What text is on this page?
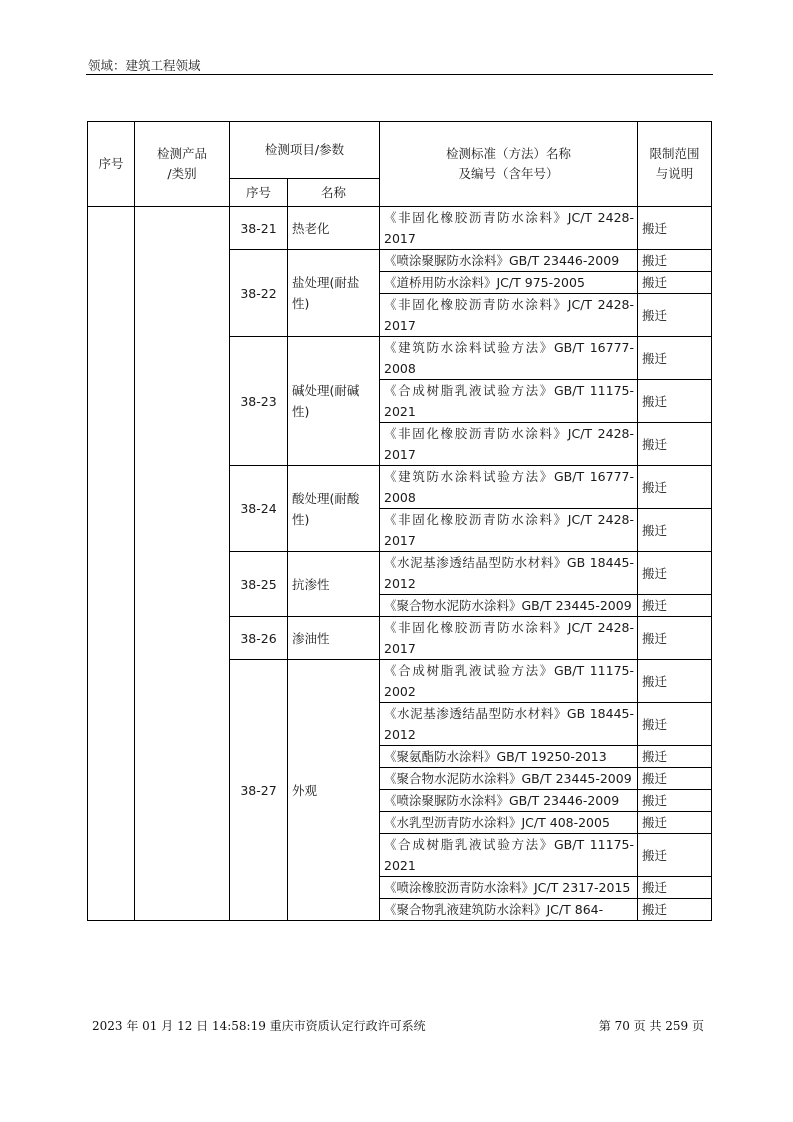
领域：建筑工程领域
序号	检测产品
/类别	检测项目/参数		检测标准（方法）名称
及编号（含年号）	限制范围
与说明
		序号	名称		
		38-21	热老化	《非固化橡胶沥青防水涂料》JC/T 2428-2017	搬迁
		38-22	盐处理(耐盐性)	《喷涂聚脲防水涂料》GB/T 23446-2009	搬迁
				《道桥用防水涂料》JC/T 975-2005	搬迁
				《非固化橡胶沥青防水涂料》JC/T 2428-2017	搬迁
		38-23	碱处理(耐碱性)	《建筑防水涂料试验方法》GB/T 16777-2008	搬迁
				《合成树脂乳液试验方法》GB/T 11175-2021	搬迁
				《非固化橡胶沥青防水涂料》JC/T 2428-2017	搬迁
		38-24	酸处理(耐酸性)	《建筑防水涂料试验方法》GB/T 16777-2008	搬迁
				《非固化橡胶沥青防水涂料》JC/T 2428-2017	搬迁
		38-25	抗渗性	《水泥基渗透结晶型防水材料》GB 18445-2012	搬迁
				《聚合物水泥防水涂料》GB/T 23445-2009	搬迁
		38-26	渗油性	《非固化橡胶沥青防水涂料》JC/T 2428-2017	搬迁
		38-27	外观	《合成树脂乳液试验方法》GB/T 11175-2002	搬迁
				《水泥基渗透结晶型防水材料》GB 18445-2012	搬迁
				《聚氨酯防水涂料》GB/T 19250-2013	搬迁
				《聚合物水泥防水涂料》GB/T 23445-2009	搬迁
				《喷涂聚脲防水涂料》GB/T 23446-2009	搬迁
				《水乳型沥青防水涂料》JC/T 408-2005	搬迁
				《合成树脂乳液试验方法》GB/T 11175-2021	搬迁
				《喷涂橡胶沥青防水涂料》JC/T 2317-2015	搬迁
				《聚合物乳液建筑防水涂料》JC/T 864-	搬迁
2023 年 01 月 12 日 14:58:19 重庆市资质认定行政许可系统	第 70 页 共 259 页
